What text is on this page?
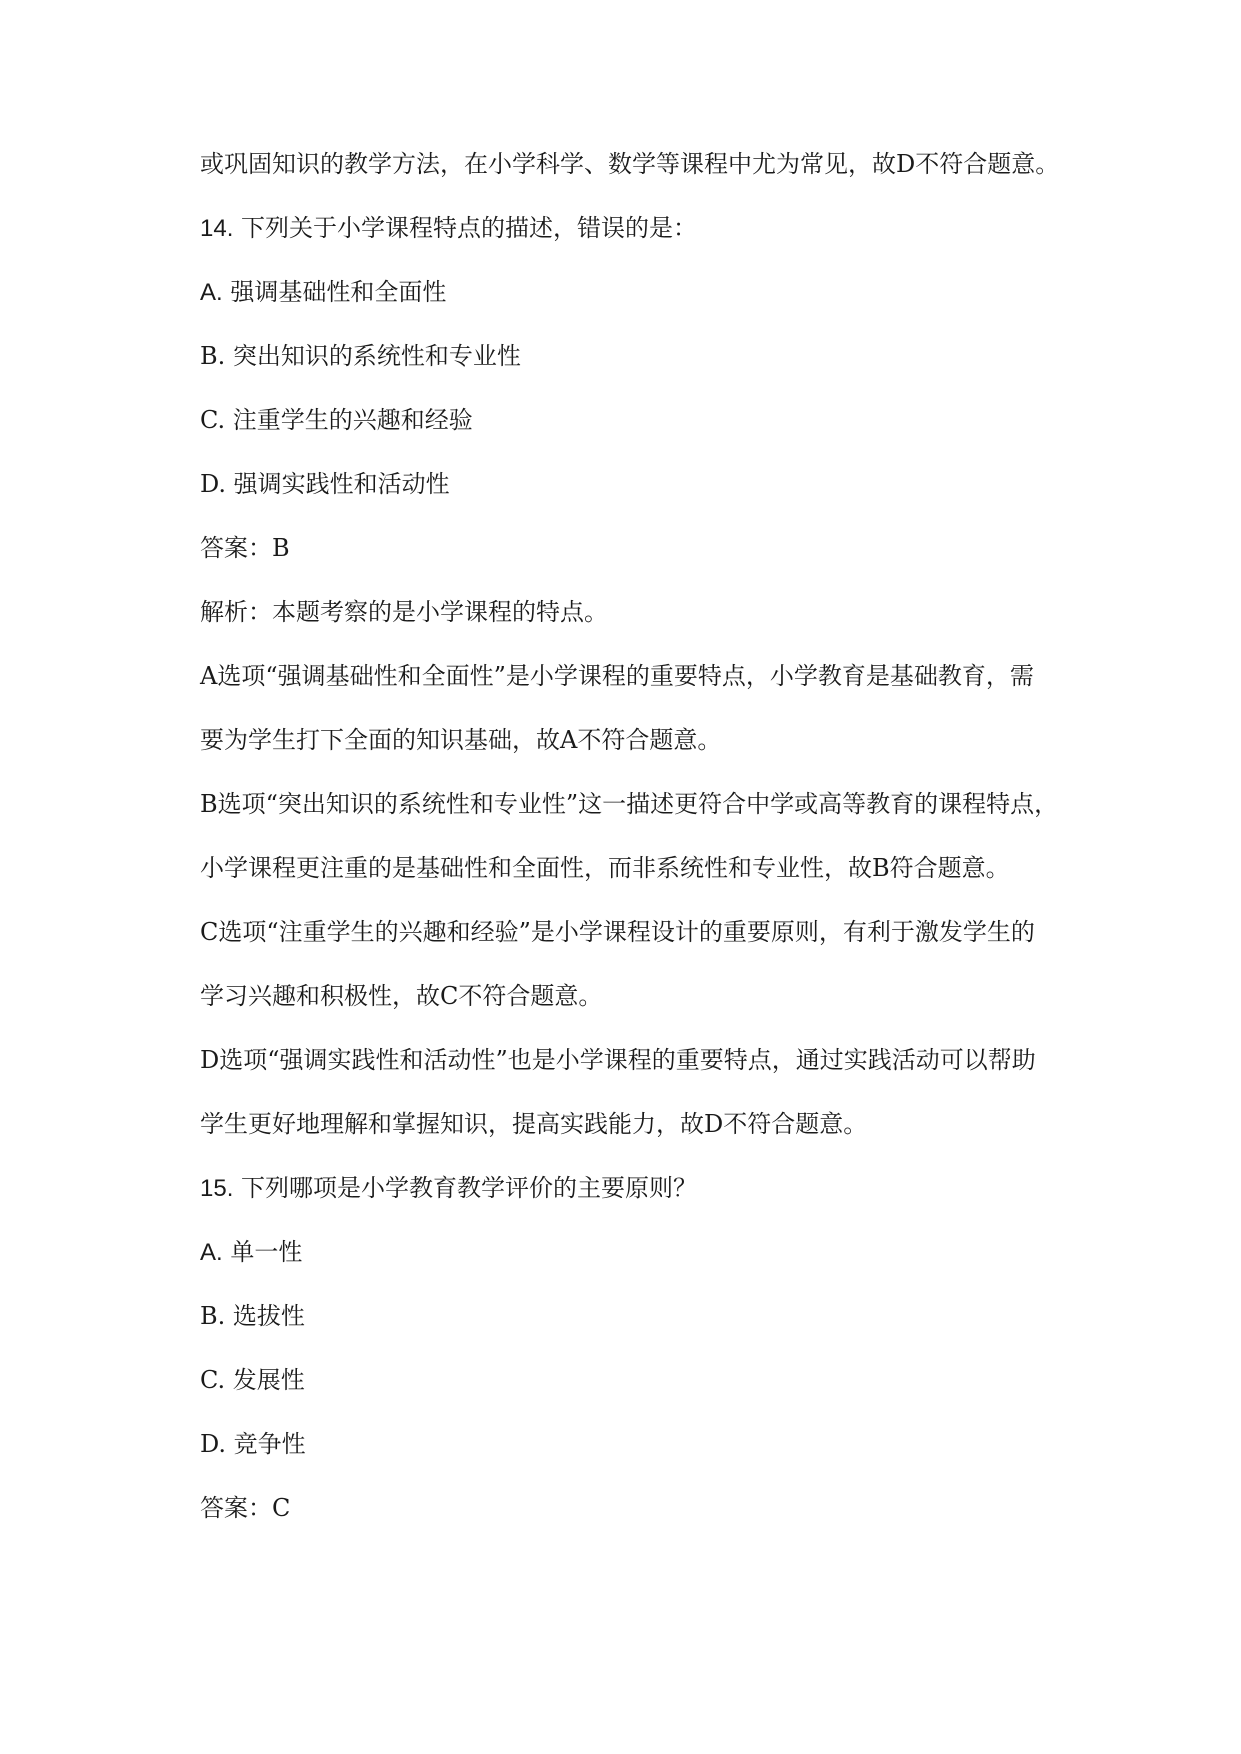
或巩固知识的教学方法，在小学科学、数学等课程中尤为常见，故D不符合题意。
14. 下列关于小学课程特点的描述，错误的是：
A. 强调基础性和全面性
B. 突出知识的系统性和专业性
C. 注重学生的兴趣和经验
D. 强调实践性和活动性
答案：B
解析：本题考察的是小学课程的特点。
A选项“强调基础性和全面性”是小学课程的重要特点，小学教育是基础教育，需
要为学生打下全面的知识基础，故A不符合题意。
B选项“突出知识的系统性和专业性”这一描述更符合中学或高等教育的课程特点，
小学课程更注重的是基础性和全面性，而非系统性和专业性，故B符合题意。
C选项“注重学生的兴趣和经验”是小学课程设计的重要原则，有利于激发学生的
学习兴趣和积极性，故C不符合题意。
D选项“强调实践性和活动性”也是小学课程的重要特点，通过实践活动可以帮助
学生更好地理解和掌握知识，提高实践能力，故D不符合题意。
15. 下列哪项是小学教育教学评价的主要原则？
A. 单一性
B. 选拔性
C. 发展性
D. 竞争性
答案：C
